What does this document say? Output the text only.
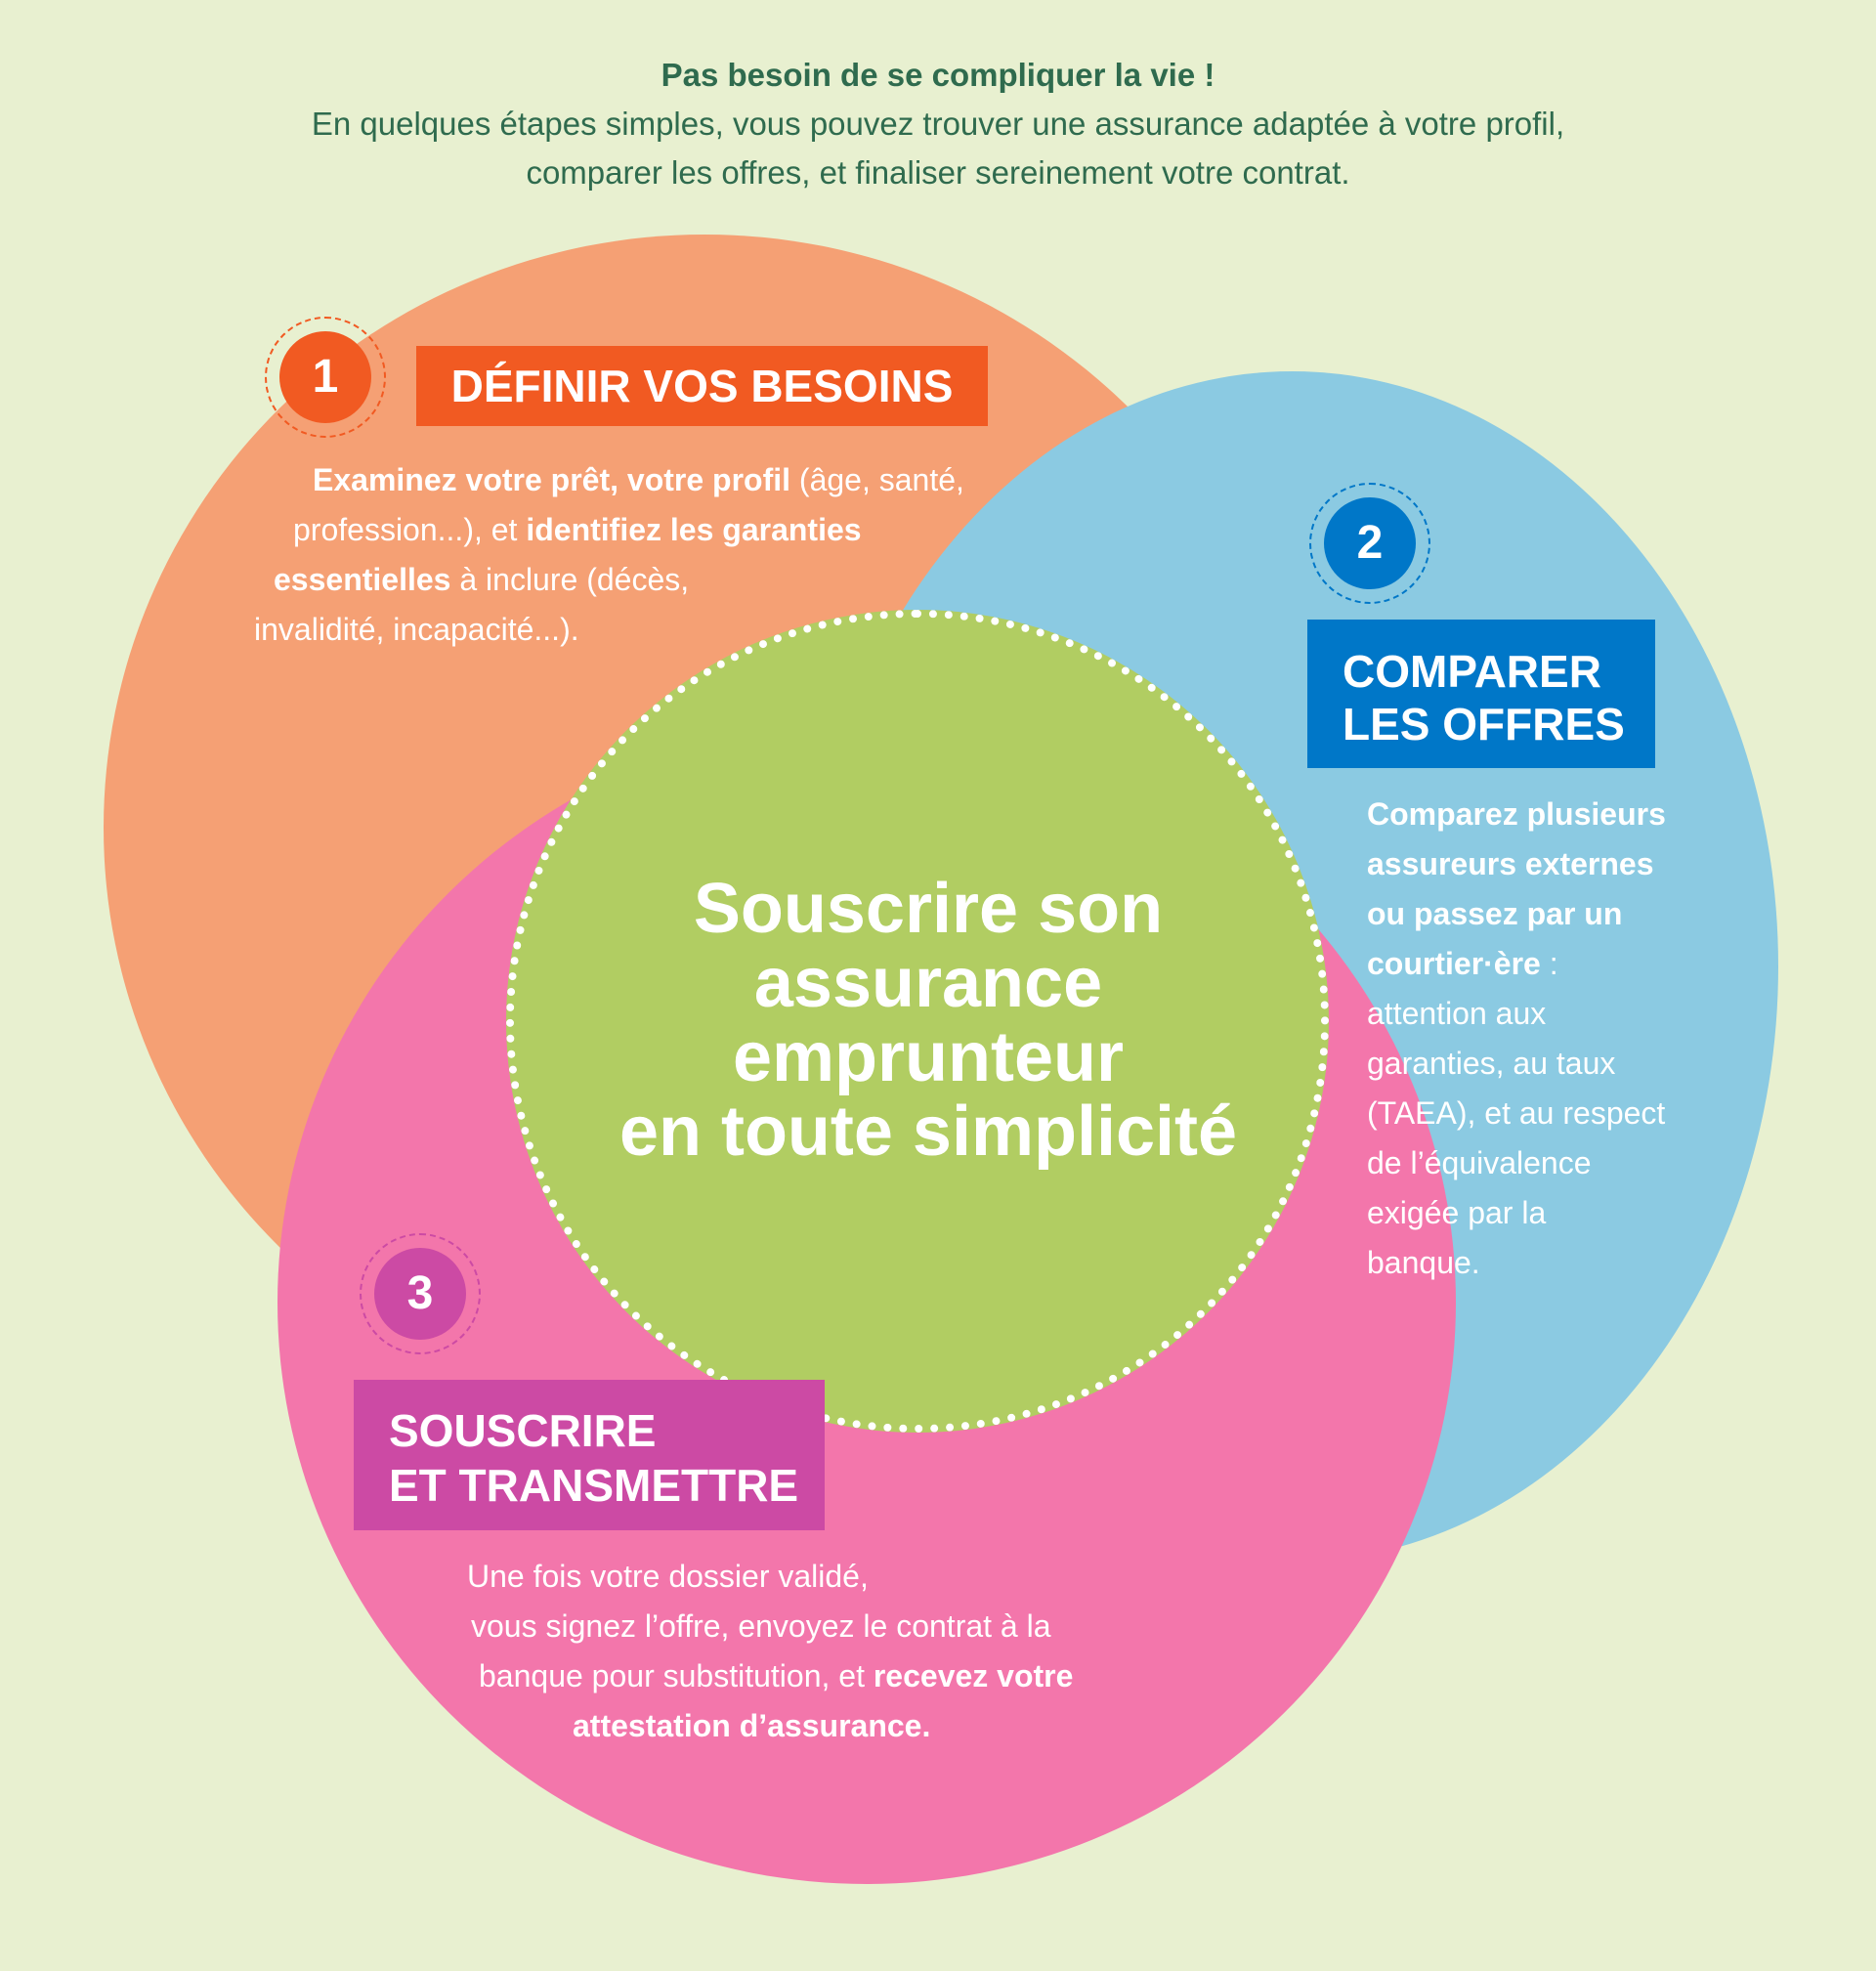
Pas besoin de se compliquer la vie !
En quelques étapes simples, vous pouvez trouver une assurance adaptée à votre profil,
comparer les offres, et finaliser sereinement votre contrat.
Souscrire son
assurance
emprunteur
en toute simplicité
1	DÉFINIR VOS BESOINS
Examinez votre prêt, votre profil (âge, santé,
profession...), et identifiez les garanties
essentielles à inclure (décès,
invalidité, incapacité...).
2
COMPARER
LES OFFRES
Comparez plusieurs
assureurs externes
ou passez par un
courtier·ère :
attention aux
garanties, au taux
(TAEA), et au respect
de l’équivalence
exigée par la
banque.
3
SOUSCRIRE
ET TRANSMETTRE
Une fois votre dossier validé,
vous signez l’offre, envoyez le contrat à la
banque pour substitution, et recevez votre
attestation d’assurance.
